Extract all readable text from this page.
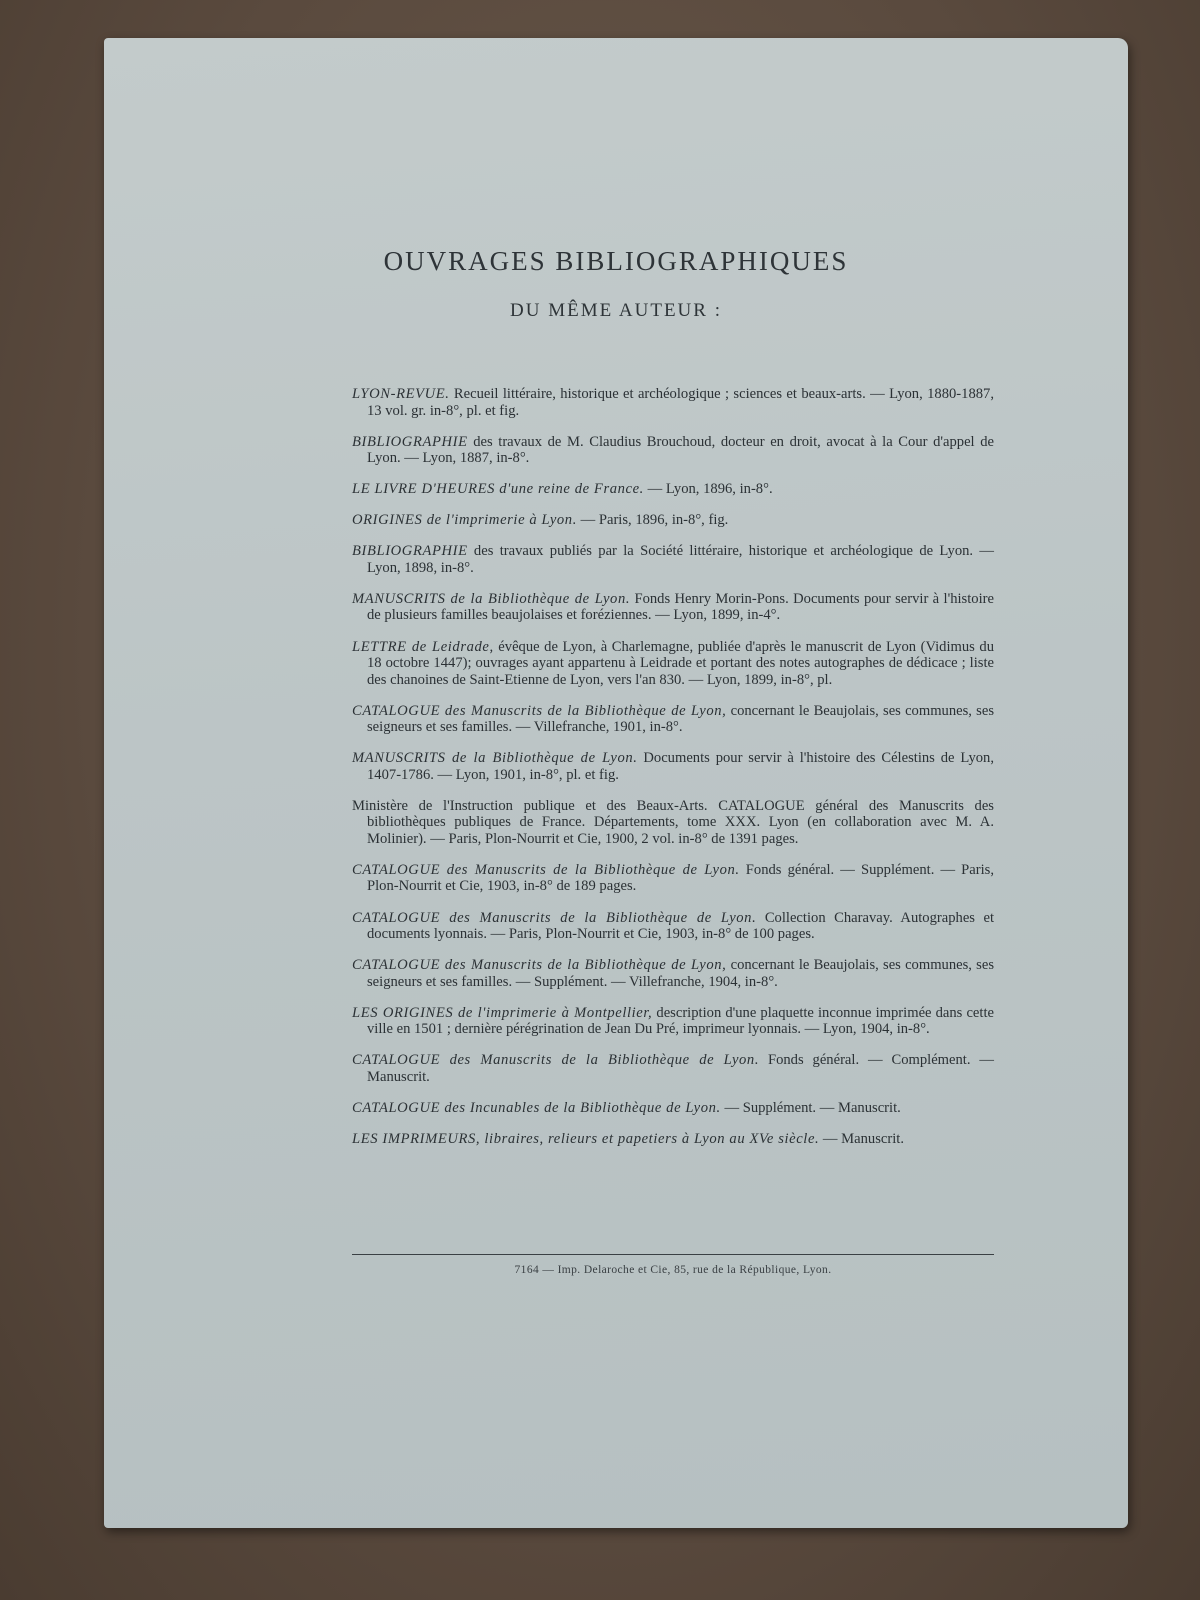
OUVRAGES BIBLIOGRAPHIQUES
DU MÊME AUTEUR :

LYON-REVUE. Recueil littéraire, historique et archéologique ; sciences et beaux-arts. — Lyon, 1880-1887, 13 vol. gr. in-8°, pl. et fig.

BIBLIOGRAPHIE des travaux de M. Claudius Brouchoud, docteur en droit, avocat à la Cour d'appel de Lyon. — Lyon, 1887, in-8°.

LE LIVRE D'HEURES d'une reine de France. — Lyon, 1896, in-8°.

ORIGINES de l'imprimerie à Lyon. — Paris, 1896, in-8°, fig.

BIBLIOGRAPHIE des travaux publiés par la Société littéraire, historique et archéologique de Lyon. — Lyon, 1898, in-8°.

MANUSCRITS de la Bibliothèque de Lyon. Fonds Henry Morin-Pons. Documents pour servir à l'histoire de plusieurs familles beaujolaises et foréziennes. — Lyon, 1899, in-4°.

LETTRE de Leidrade, évêque de Lyon, à Charlemagne, publiée d'après le manuscrit de Lyon (Vidimus du 18 octobre 1447); ouvrages ayant appartenu à Leidrade et portant des notes autographes de dédicace ; liste des chanoines de Saint-Etienne de Lyon, vers l'an 830. — Lyon, 1899, in-8°, pl.

CATALOGUE des Manuscrits de la Bibliothèque de Lyon, concernant le Beaujolais, ses communes, ses seigneurs et ses familles. — Villefranche, 1901, in-8°.

MANUSCRITS de la Bibliothèque de Lyon. Documents pour servir à l'histoire des Célestins de Lyon, 1407-1786. — Lyon, 1901, in-8°, pl. et fig.

Ministère de l'Instruction publique et des Beaux-Arts. CATALOGUE général des Manuscrits des bibliothèques publiques de France. Départements, tome XXX. Lyon (en collaboration avec M. A. Molinier). — Paris, Plon-Nourrit et Cie, 1900, 2 vol. in-8° de 1391 pages.

CATALOGUE des Manuscrits de la Bibliothèque de Lyon. Fonds général. — Supplément. — Paris, Plon-Nourrit et Cie, 1903, in-8° de 189 pages.

CATALOGUE des Manuscrits de la Bibliothèque de Lyon. Collection Charavay. Autographes et documents lyonnais. — Paris, Plon-Nourrit et Cie, 1903, in-8° de 100 pages.

CATALOGUE des Manuscrits de la Bibliothèque de Lyon, concernant le Beaujolais, ses communes, ses seigneurs et ses familles. — Supplément. — Villefranche, 1904, in-8°.

LES ORIGINES de l'imprimerie à Montpellier, description d'une plaquette inconnue imprimée dans cette ville en 1501 ; dernière pérégrination de Jean Du Pré, imprimeur lyonnais. — Lyon, 1904, in-8°.

CATALOGUE des Manuscrits de la Bibliothèque de Lyon. Fonds général. — Complément. — Manuscrit.

CATALOGUE des Incunables de la Bibliothèque de Lyon. — Supplément. — Manuscrit.

LES IMPRIMEURS, libraires, relieurs et papetiers à Lyon au XVe siècle. — Manuscrit.

7164 — Imp. Delaroche et Cie, 85, rue de la République, Lyon.
